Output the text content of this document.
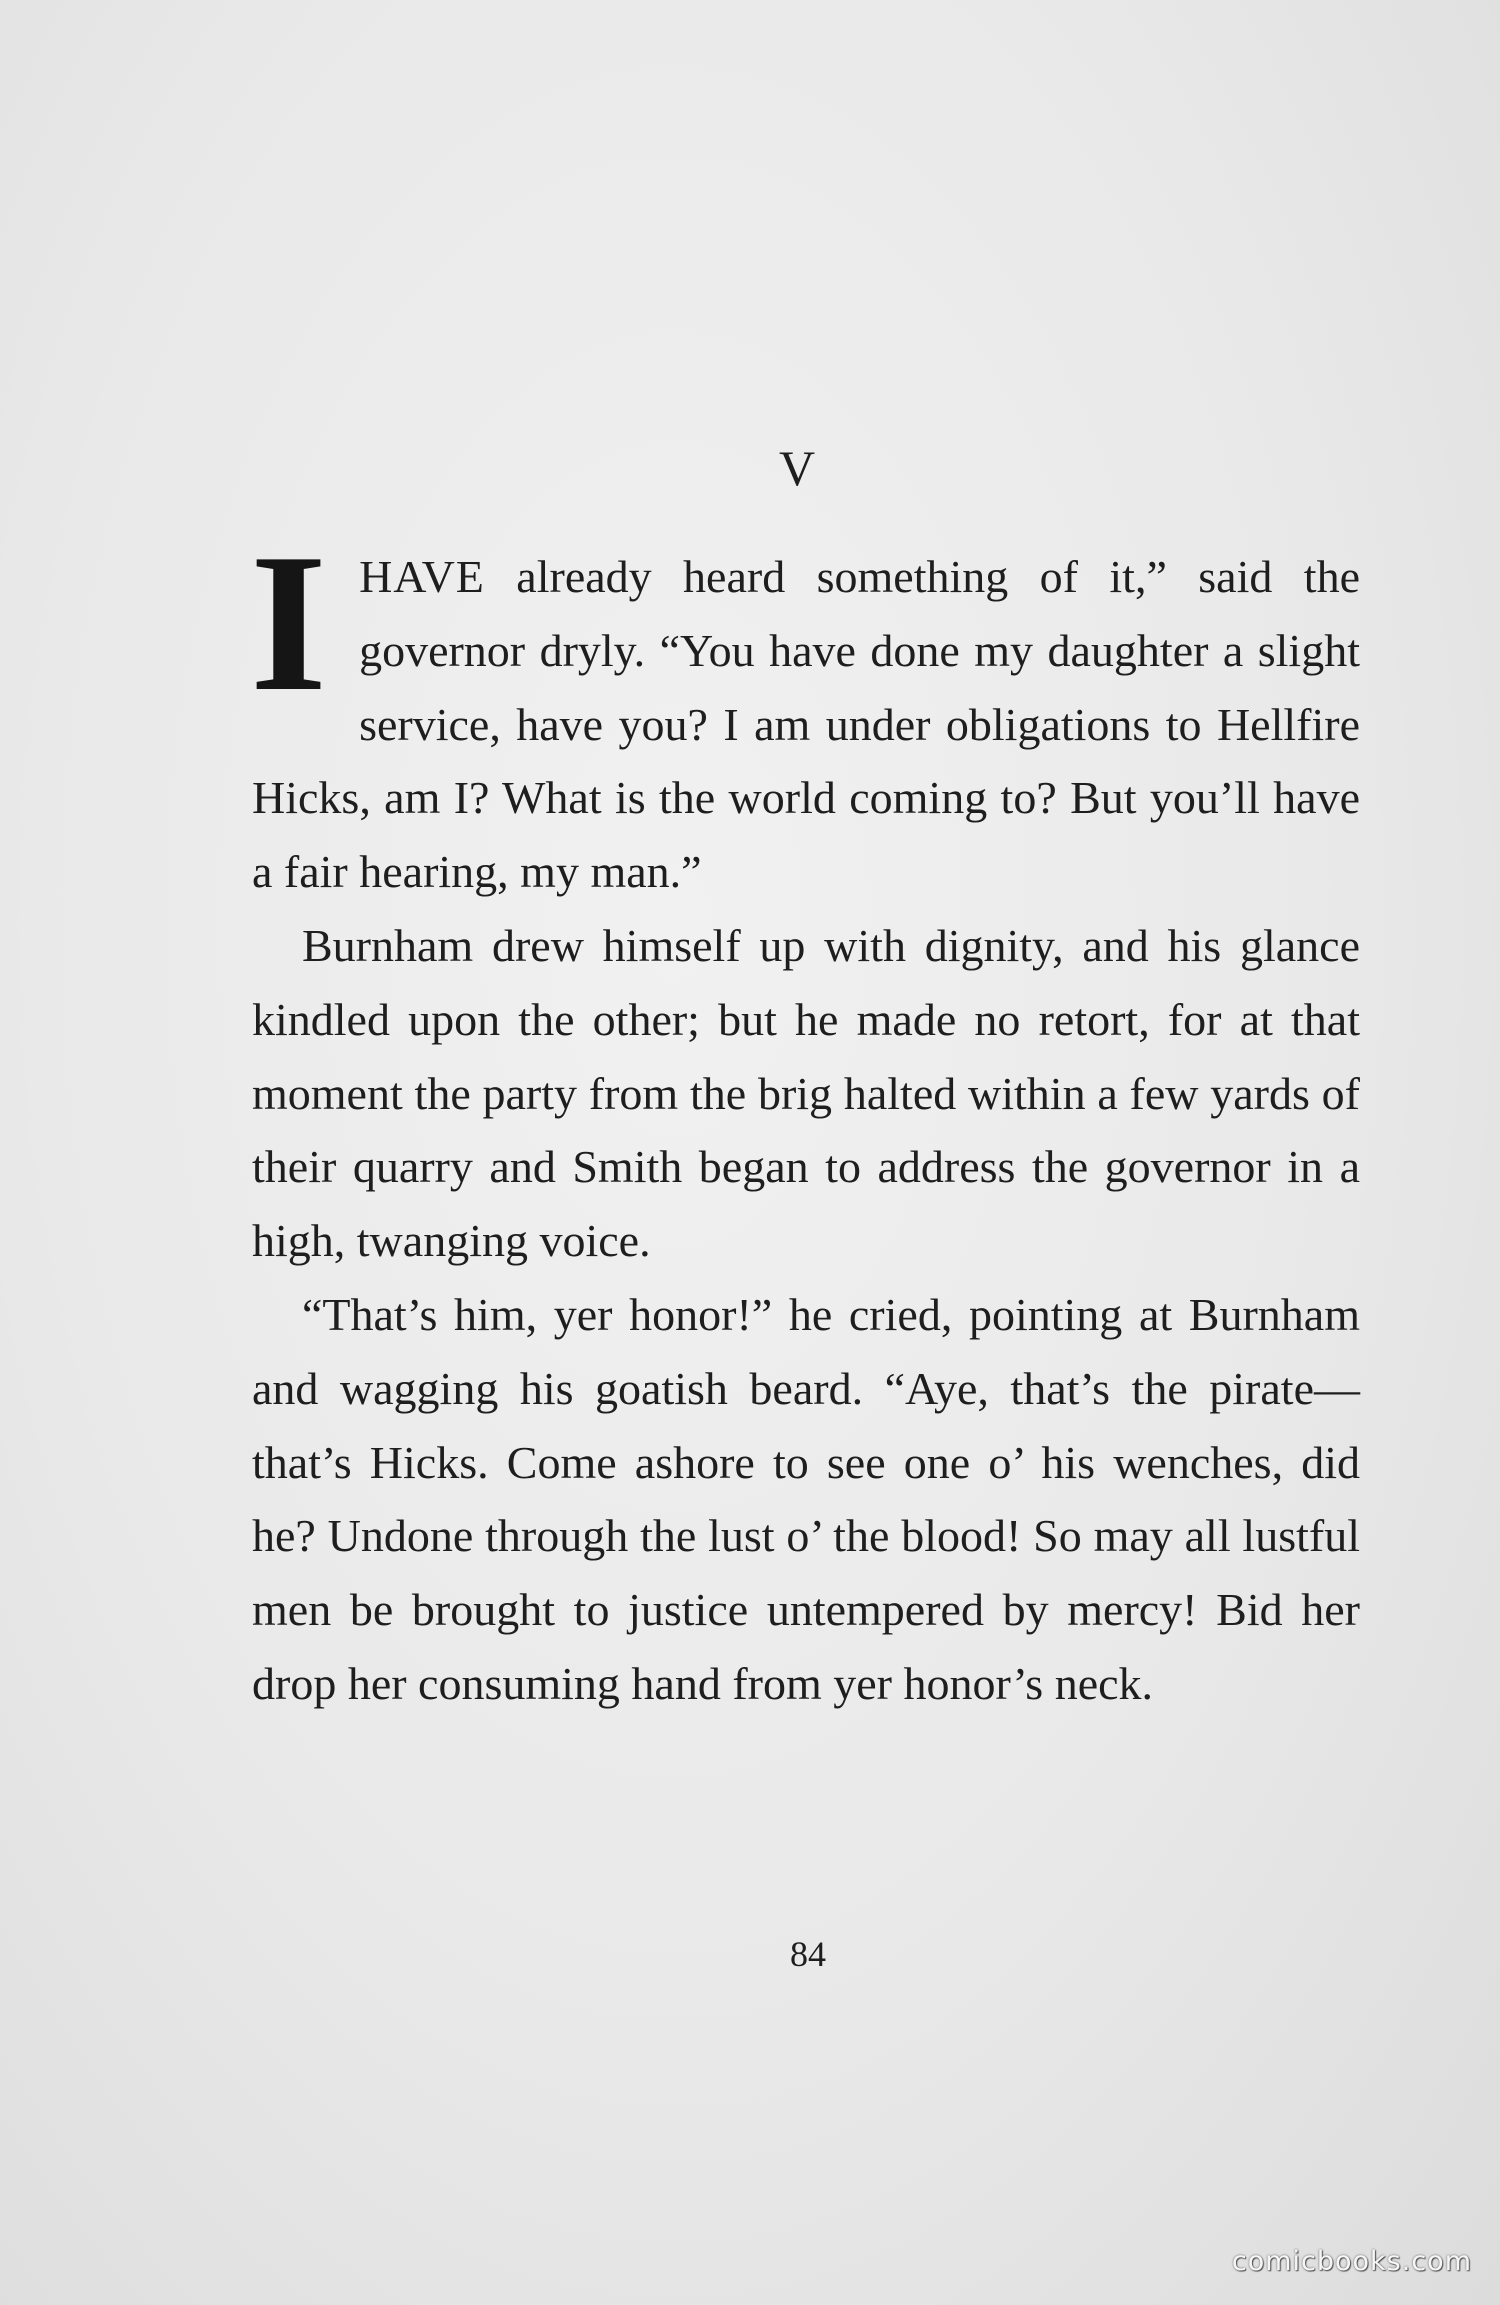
V

IHAVE already heard something of it,” said the governor dryly. “You have done my daughter a slight service, have you? I am under obligations to Hellfire Hicks, am I? What is the world coming to? But you’ll have a fair hearing, my man.”

Burnham drew himself up with dignity, and his glance kindled upon the other; but he made no retort, for at that moment the party from the brig halted within a few yards of their quarry and Smith began to address the governor in a high, twanging voice.

“That’s him, yer honor!” he cried, pointing at Burnham and wagging his goatish beard. “Aye, that’s the pirate—that’s Hicks. Come ashore to see one o’ his wenches, did he? Undone through the lust o’ the blood! So may all lustful men be brought to justice untempered by mercy! Bid her drop her consuming hand from yer honor’s neck.

84
comicbooks.com
